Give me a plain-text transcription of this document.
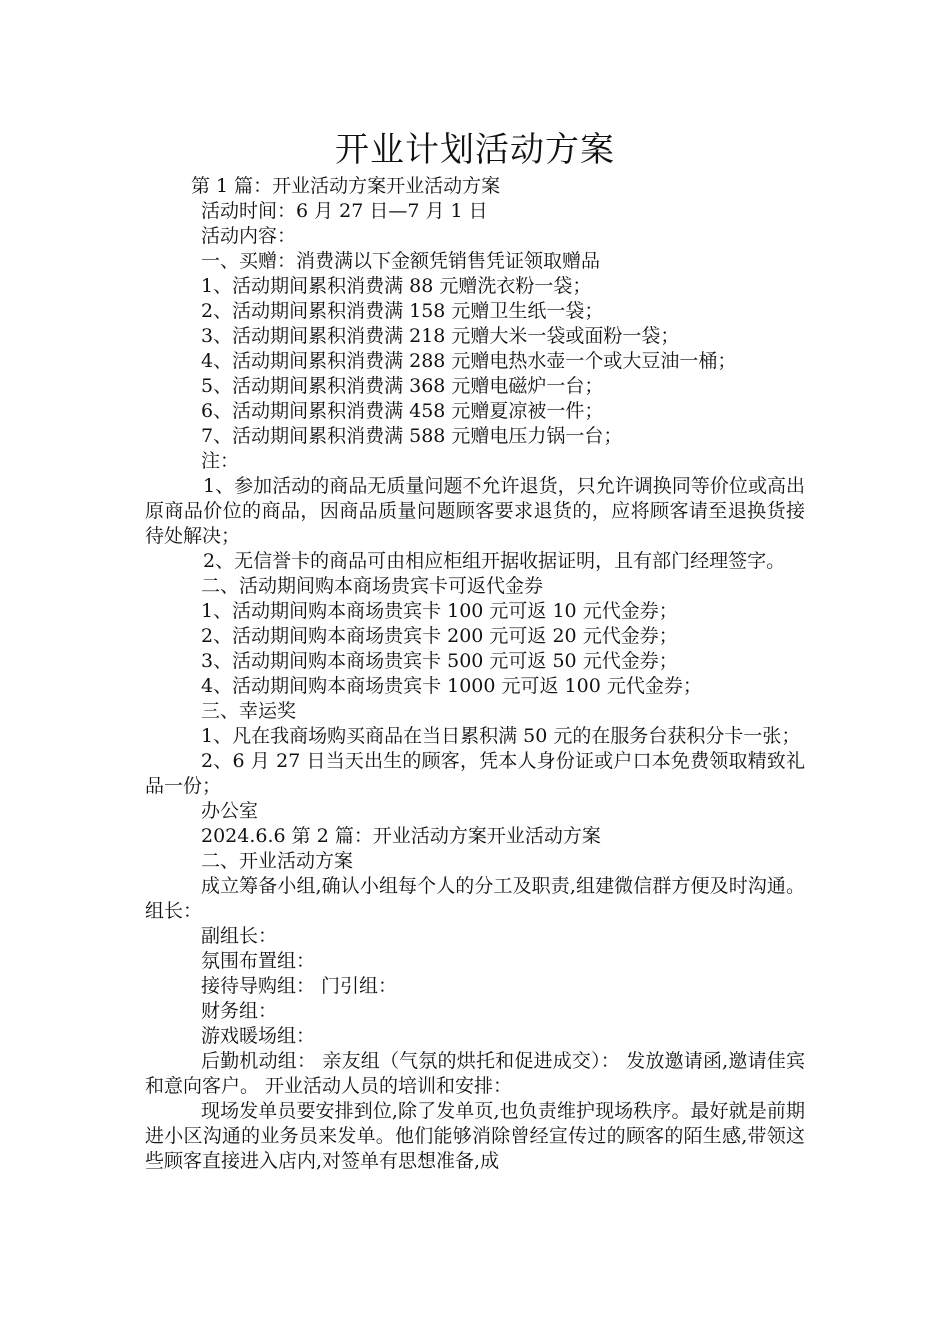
开业计划活动方案
第 1 篇：开业活动方案开业活动方案
活动时间：6 月 27 日—7 月 1 日
活动内容：
一、买赠：消费满以下金额凭销售凭证领取赠品
1、活动期间累积消费满 88 元赠洗衣粉一袋；
2、活动期间累积消费满 158 元赠卫生纸一袋；
3、活动期间累积消费满 218 元赠大米一袋或面粉一袋；
4、活动期间累积消费满 288 元赠电热水壶一个或大豆油一桶；
5、活动期间累积消费满 368 元赠电磁炉一台；
6、活动期间累积消费满 458 元赠夏凉被一件；
7、活动期间累积消费满 588 元赠电压力锅一台；
注：
1、参加活动的商品无质量问题不允许退货，只允许调换同等价位或高出原商品价位的商品，因商品质量问题顾客要求退货的，应将顾客请至退换货接待处解决；
2、无信誉卡的商品可由相应柜组开据收据证明，且有部门经理签字。
二、活动期间购本商场贵宾卡可返代金券
1、活动期间购本商场贵宾卡 100 元可返 10 元代金券；
2、活动期间购本商场贵宾卡 200 元可返 20 元代金券；
3、活动期间购本商场贵宾卡 500 元可返 50 元代金券；
4、活动期间购本商场贵宾卡 1000 元可返 100 元代金券；
三、幸运奖
1、凡在我商场购买商品在当日累积满 50 元的在服务台获积分卡一张；
2、6 月 27 日当天出生的顾客，凭本人身份证或户口本免费领取精致礼品一份；
办公室
2024.6.6 第 2 篇：开业活动方案开业活动方案
二、开业活动方案
成立筹备小组,确认小组每个人的分工及职责,组建微信群方便及时沟通。 组长：
副组长：
氛围布置组：
接待导购组： 门引组：
财务组：
游戏暖场组：
后勤机动组： 亲友组（气氛的烘托和促进成交）： 发放邀请函,邀请佳宾和意向客户。 开业活动人员的培训和安排：
现场发单员要安排到位,除了发单页,也负责维护现场秩序。最好就是前期进小区沟通的业务员来发单。他们能够消除曾经宣传过的顾客的陌生感,带领这些顾客直接进入店内,对签单有思想准备,成
